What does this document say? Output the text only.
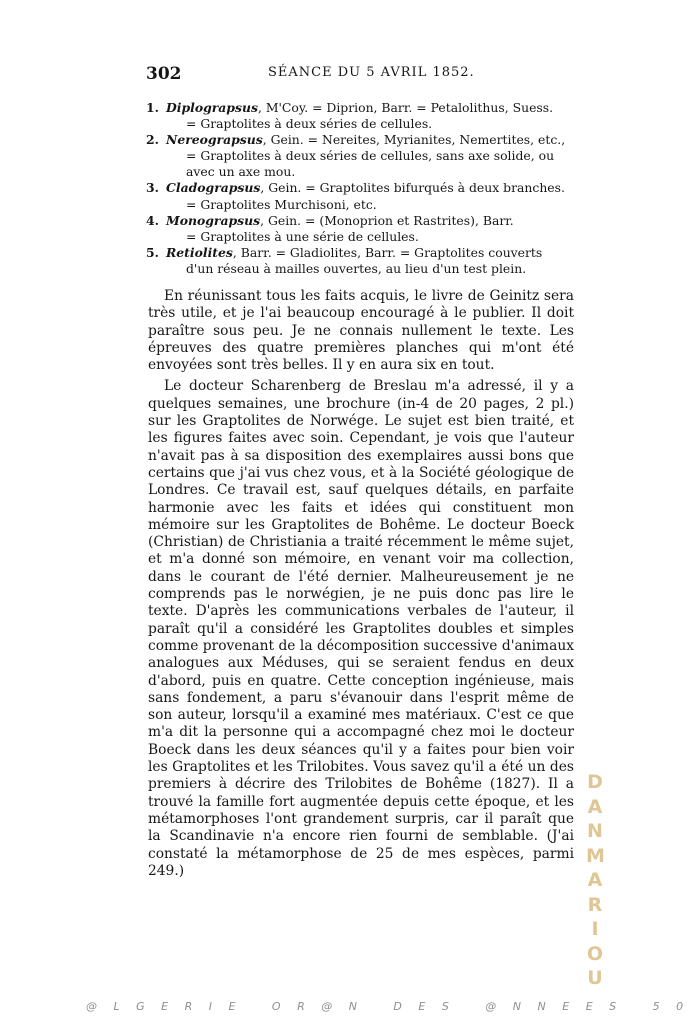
302	SÉANCE DU 5 AVRIL 1852.
1. Diplograpsus, M'Coy. = Diprion, Barr. = Petalolithus, Suess.
= Graptolites à deux séries de cellules.
2. Nereograpsus, Gein. = Nereites, Myrianites, Nemertites, etc.,
= Graptolites à deux séries de cellules, sans axe solide, ou avec un axe mou.
3. Cladograpsus, Gein. = Graptolites bifurqués à deux branches.
= Graptolites Murchisoni, etc.
4. Monograpsus, Gein. = (Monoprion et Rastrites), Barr.
= Graptolites à une série de cellules.
5. Retiolites, Barr. = Gladiolites, Barr. = Graptolites couverts
d'un réseau à mailles ouvertes, au lieu d'un test plein.

En réunissant tous les faits acquis, le livre de Geinitz sera très utile, et je l'ai beaucoup encouragé à le publier. Il doit paraître sous peu. Je ne connais nullement le texte. Les épreuves des quatre premières planches qui m'ont été envoyées sont très belles. Il y en aura six en tout.

Le docteur Scharenberg de Breslau m'a adressé, il y a quelques semaines, une brochure (in-4 de 20 pages, 2 pl.) sur les Graptolites de Norwége. Le sujet est bien traité, et les figures faites avec soin. Cependant, je vois que l'auteur n'avait pas à sa disposition des exemplaires aussi bons que certains que j'ai vus chez vous, et à la Société géologique de Londres. Ce travail est, sauf quelques détails, en parfaite harmonie avec les faits et idées qui constituent mon mémoire sur les Graptolites de Bohême. Le docteur Boeck (Christian) de Christiania a traité récemment le même sujet, et m'a donné son mémoire, en venant voir ma collection, dans le courant de l'été dernier. Malheureusement je ne comprends pas le norwégien, je ne puis donc pas lire le texte. D'après les communications verbales de l'auteur, il paraît qu'il a considéré les Graptolites doubles et simples comme provenant de la décomposition successive d'animaux analogues aux Méduses, qui se seraient fendus en deux d'abord, puis en quatre. Cette conception ingénieuse, mais sans fondement, a paru s'évanouir dans l'esprit même de son auteur, lorsqu'il a examiné mes matériaux. C'est ce que m'a dit la personne qui a accompagné chez moi le docteur Boeck dans les deux séances qu'il y a faites pour bien voir les Graptolites et les Trilobites. Vous savez qu'il a été un des premiers à décrire des Trilobites de Bohême (1827). Il a trouvé la famille fort augmentée depuis cette époque, et les métamorphoses l'ont grandement surpris, car il paraît que la Scandinavie n'a encore rien fourni de semblable. (J'ai constaté la métamorphose de 25 de mes espèces, parmi 249.)

DANMARIOU
@ L G E R I E   O R @ N   D E S   @ N N E E S   5 0
